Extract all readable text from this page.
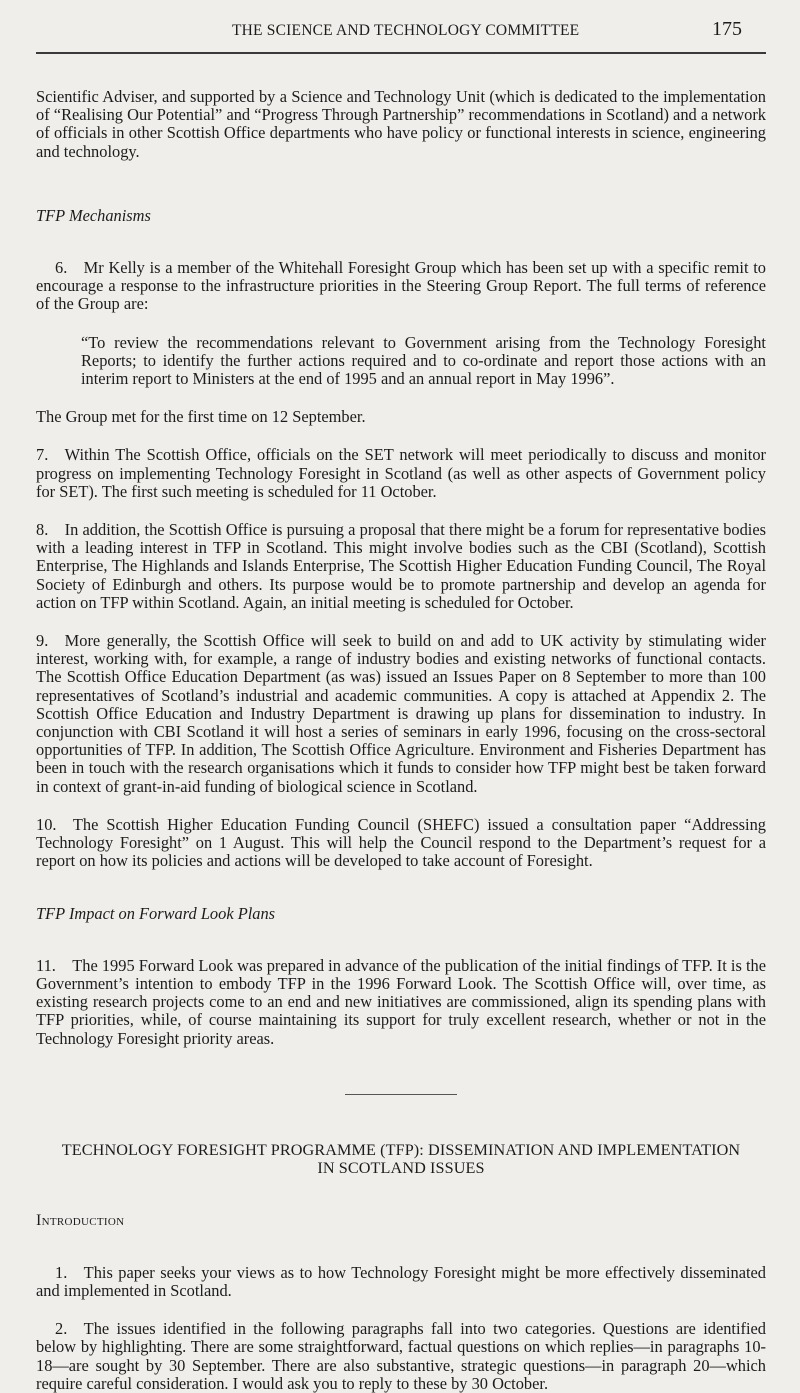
THE SCIENCE AND TECHNOLOGY COMMITTEE	175

Scientific Adviser, and supported by a Science and Technology Unit (which is dedicated to the implementation of “Realising Our Potential” and “Progress Through Partnership” recommendations in Scotland) and a network of officials in other Scottish Office departments who have policy or functional interests in science, engineering and technology.

TFP Mechanisms

6. Mr Kelly is a member of the Whitehall Foresight Group which has been set up with a specific remit to encourage a response to the infrastructure priorities in the Steering Group Report. The full terms of reference of the Group are:

“To review the recommendations relevant to Government arising from the Technology Foresight Reports; to identify the further actions required and to co-ordinate and report those actions with an interim report to Ministers at the end of 1995 and an annual report in May 1996”.

The Group met for the first time on 12 September.

7. Within The Scottish Office, officials on the SET network will meet periodically to discuss and monitor progress on implementing Technology Foresight in Scotland (as well as other aspects of Government policy for SET). The first such meeting is scheduled for 11 October.

8. In addition, the Scottish Office is pursuing a proposal that there might be a forum for representative bodies with a leading interest in TFP in Scotland. This might involve bodies such as the CBI (Scotland), Scottish Enterprise, The Highlands and Islands Enterprise, The Scottish Higher Education Funding Council, The Royal Society of Edinburgh and others. Its purpose would be to promote partnership and develop an agenda for action on TFP within Scotland. Again, an initial meeting is scheduled for October.

9. More generally, the Scottish Office will seek to build on and add to UK activity by stimulating wider interest, working with, for example, a range of industry bodies and existing networks of functional contacts. The Scottish Office Education Department (as was) issued an Issues Paper on 8 September to more than 100 representatives of Scotland’s industrial and academic communities. A copy is attached at Appendix 2. The Scottish Office Education and Industry Department is drawing up plans for dissemination to industry. In conjunction with CBI Scotland it will host a series of seminars in early 1996, focusing on the cross-sectoral opportunities of TFP. In addition, The Scottish Office Agriculture. Environment and Fisheries Department has been in touch with the research organisations which it funds to consider how TFP might best be taken forward in context of grant-in-aid funding of biological science in Scotland.

10. The Scottish Higher Education Funding Council (SHEFC) issued a consultation paper “Addressing Technology Foresight” on 1 August. This will help the Council respond to the Department’s request for a report on how its policies and actions will be developed to take account of Foresight.

TFP Impact on Forward Look Plans

11. The 1995 Forward Look was prepared in advance of the publication of the initial findings of TFP. It is the Government’s intention to embody TFP in the 1996 Forward Look. The Scottish Office will, over time, as existing research projects come to an end and new initiatives are commissioned, align its spending plans with TFP priorities, while, of course maintaining its support for truly excellent research, whether or not in the Technology Foresight priority areas.

TECHNOLOGY FORESIGHT PROGRAMME (TFP): DISSEMINATION AND IMPLEMENTATION

IN SCOTLAND ISSUES

Introduction

1. This paper seeks your views as to how Technology Foresight might be more effectively disseminated and implemented in Scotland.

2. The issues identified in the following paragraphs fall into two categories. Questions are identified below by highlighting. There are some straightforward, factual questions on which replies—in paragraphs 10-18—are sought by 30 September. There are also substantive, strategic questions—in paragraph 20—which require careful consideration. I would ask you to reply to these by 30 October.
